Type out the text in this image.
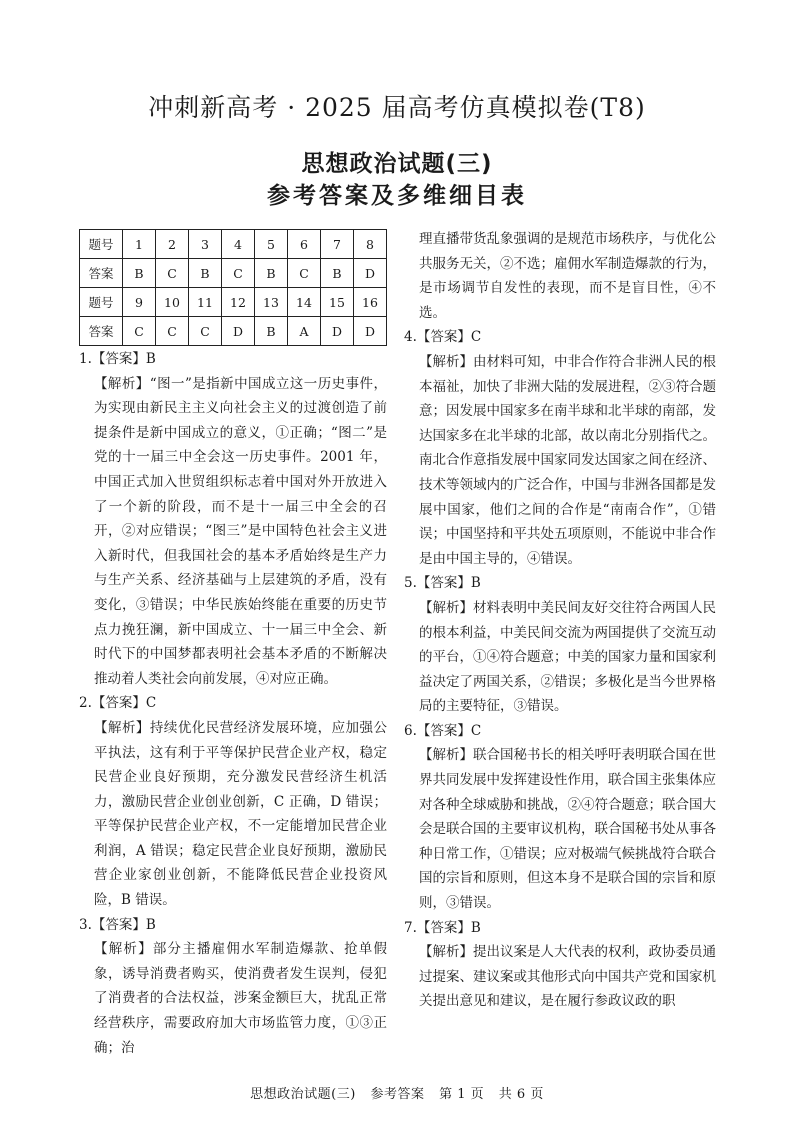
冲刺新高考 · 2025 届高考仿真模拟卷(T8)
思想政治试题(三)
参考答案及多维细目表
题号	1	2	3	4	5	6	7	8
答案	B	C	B	C	B	C	B	D
题号	9	10	11	12	13	14	15	16
答案	C	C	C	D	B	A	D	D
1.【答案】B
【解析】“图一”是指新中国成立这一历史事件，为实现由新民主主义向社会主义的过渡创造了前提条件是新中国成立的意义，①正确；“图二”是党的十一届三中全会这一历史事件。2001 年，中国正式加入世贸组织标志着中国对外开放进入了一个新的阶段，而不是十一届三中全会的召开，②对应错误；“图三”是中国特色社会主义进入新时代，但我国社会的基本矛盾始终是生产力与生产关系、经济基础与上层建筑的矛盾，没有变化，③错误；中华民族始终能在重要的历史节点力挽狂澜，新中国成立、十一届三中全会、新时代下的中国梦都表明社会基本矛盾的不断解决推动着人类社会向前发展，④对应正确。
2.【答案】C
【解析】持续优化民营经济发展环境，应加强公平执法，这有利于平等保护民营企业产权，稳定民营企业良好预期，充分激发民营经济生机活力，激励民营企业创业创新，C 正确，D 错误；平等保护民营企业产权，不一定能增加民营企业利润，A 错误；稳定民营企业良好预期，激励民营企业家创业创新，不能降低民营企业投资风险，B 错误。
3.【答案】B
【解析】部分主播雇佣水军制造爆款、抢单假象，诱导消费者购买，使消费者发生误判，侵犯了消费者的合法权益，涉案金额巨大，扰乱正常经营秩序，需要政府加大市场监管力度，①③正确；治
理直播带货乱象强调的是规范市场秩序，与优化公共服务无关，②不选；雇佣水军制造爆款的行为，是市场调节自发性的表现，而不是盲目性，④不选。
4.【答案】C
【解析】由材料可知，中非合作符合非洲人民的根本福祉，加快了非洲大陆的发展进程，②③符合题意；因发展中国家多在南半球和北半球的南部，发达国家多在北半球的北部，故以南北分别指代之。南北合作意指发展中国家同发达国家之间在经济、技术等领域内的广泛合作，中国与非洲各国都是发展中国家，他们之间的合作是“南南合作”，①错误；中国坚持和平共处五项原则，不能说中非合作是由中国主导的，④错误。
5.【答案】B
【解析】材料表明中美民间友好交往符合两国人民的根本利益，中美民间交流为两国提供了交流互动的平台，①④符合题意；中美的国家力量和国家利益决定了两国关系，②错误；多极化是当今世界格局的主要特征，③错误。
6.【答案】C
【解析】联合国秘书长的相关呼吁表明联合国在世界共同发展中发挥建设性作用，联合国主张集体应对各种全球威胁和挑战，②④符合题意；联合国大会是联合国的主要审议机构，联合国秘书处从事各种日常工作，①错误；应对极端气候挑战符合联合国的宗旨和原则，但这本身不是联合国的宗旨和原则，③错误。
7.【答案】B
【解析】提出议案是人大代表的权利，政协委员通过提案、建议案或其他形式向中国共产党和国家机关提出意见和建议，是在履行参政议政的职
思想政治试题(三) 参考答案 第 1 页 共 6 页
